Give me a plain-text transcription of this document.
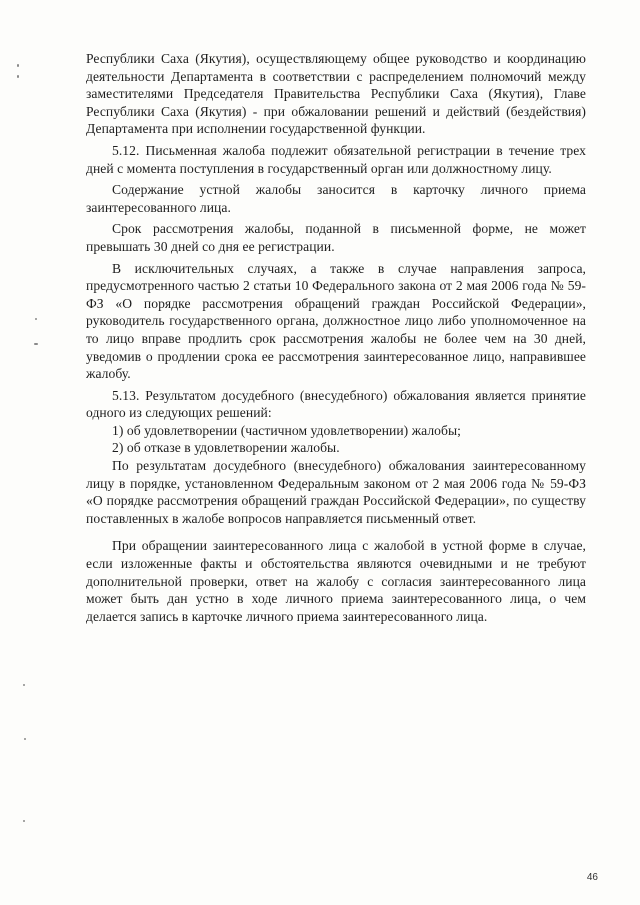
Республики Саха (Якутия), осуществляющему общее руководство и координацию деятельности Департамента в соответствии с распределением полномочий между заместителями Председателя Правительства Республики Саха (Якутия), Главе Республики Саха (Якутия) - при обжаловании решений и действий (бездействия) Департамента при исполнении государственной функции.

5.12. Письменная жалоба подлежит обязательной регистрации в течение трех дней с момента поступления в государственный орган или должностному лицу.

Содержание устной жалобы заносится в карточку личного приема заинтересованного лица.

Срок рассмотрения жалобы, поданной в письменной форме, не может превышать 30 дней со дня ее регистрации.

В исключительных случаях, а также в случае направления запроса, предусмотренного частью 2 статьи 10 Федерального закона от 2 мая 2006 года № 59-ФЗ «О порядке рассмотрения обращений граждан Российской Федерации», руководитель государственного органа, должностное лицо либо уполномоченное на то лицо вправе продлить срок рассмотрения жалобы не более чем на 30 дней, уведомив о продлении срока ее рассмотрения заинтересованное лицо, направившее жалобу.

5.13. Результатом досудебного (внесудебного) обжалования является принятие одного из следующих решений:

1) об удовлетворении (частичном удовлетворении) жалобы;

2) об отказе в удовлетворении жалобы.

По результатам досудебного (внесудебного) обжалования заинтересованному лицу в порядке, установленном Федеральным законом от 2 мая 2006 года № 59-ФЗ «О порядке рассмотрения обращений граждан Российской Федерации», по существу поставленных в жалобе вопросов направляется письменный ответ.

При обращении заинтересованного лица с жалобой в устной форме в случае, если изложенные факты и обстоятельства являются очевидными и не требуют дополнительной проверки, ответ на жалобу с согласия заинтересованного лица может быть дан устно в ходе личного приема заинтересованного лица, о чем делается запись в карточке личного приема заинтересованного лица.

46
